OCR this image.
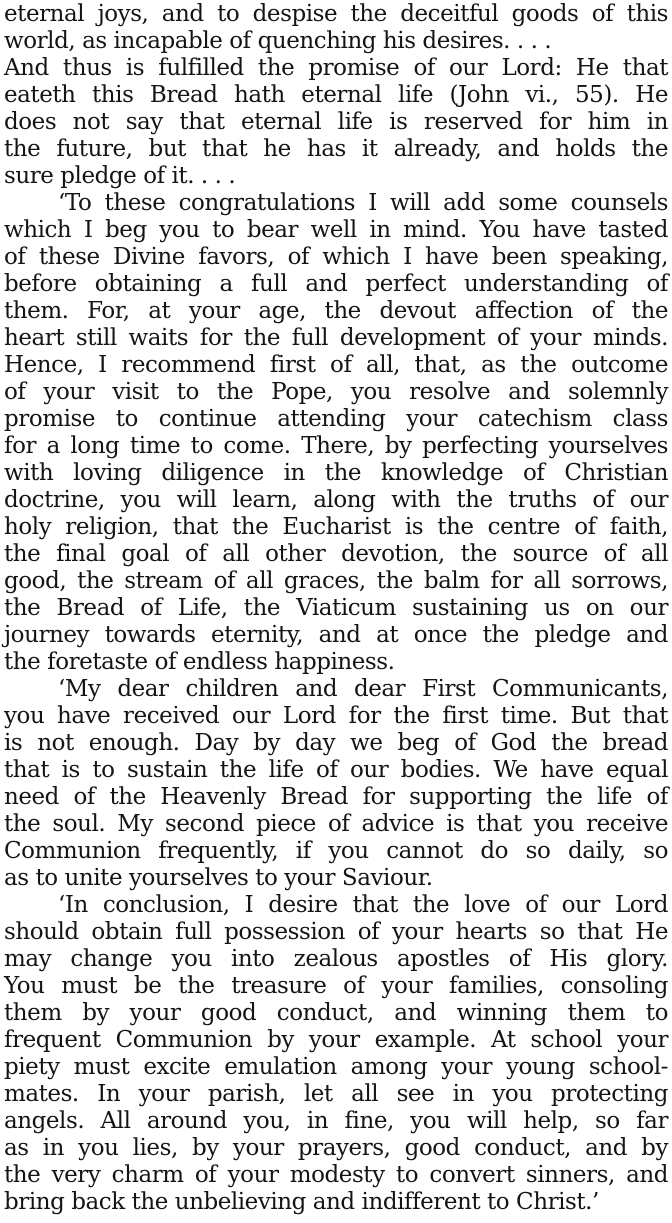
eternal joys, and to despise the deceitful goods of this
world, as incapable of quenching his desires. . . .
And thus is fulfilled the promise of our Lord: He that
eateth this Bread hath eternal life (John vi., 55). He
does not say that eternal life is reserved for him in
the future, but that he has it already, and holds the
sure pledge of it. . . .
‘To these congratulations I will add some counsels
which I beg you to bear well in mind. You have tasted
of these Divine favors, of which I have been speaking,
before obtaining a full and perfect understanding of
them. For, at your age, the devout affection of the
heart still waits for the full development of your minds.
Hence, I recommend first of all, that, as the outcome
of your visit to the Pope, you resolve and solemnly
promise to continue attending your catechism class
for a long time to come. There, by perfecting yourselves
with loving diligence in the knowledge of Christian
doctrine, you will learn, along with the truths of our
holy religion, that the Eucharist is the centre of faith,
the final goal of all other devotion, the source of all
good, the stream of all graces, the balm for all sorrows,
the Bread of Life, the Viaticum sustaining us on our
journey towards eternity, and at once the pledge and
the foretaste of endless happiness.
‘My dear children and dear First Communicants,
you have received our Lord for the first time. But that
is not enough. Day by day we beg of God the bread
that is to sustain the life of our bodies. We have equal
need of the Heavenly Bread for supporting the life of
the soul. My second piece of advice is that you receive
Communion frequently, if you cannot do so daily, so
as to unite yourselves to your Saviour.
‘In conclusion, I desire that the love of our Lord
should obtain full possession of your hearts so that He
may change you into zealous apostles of His glory.
You must be the treasure of your families, consoling
them by your good conduct, and winning them to
frequent Communion by your example. At school your
piety must excite emulation among your young school-
mates. In your parish, let all see in you protecting
angels. All around you, in fine, you will help, so far
as in you lies, by your prayers, good conduct, and by
the very charm of your modesty to convert sinners, and
bring back the unbelieving and indifferent to Christ.’
